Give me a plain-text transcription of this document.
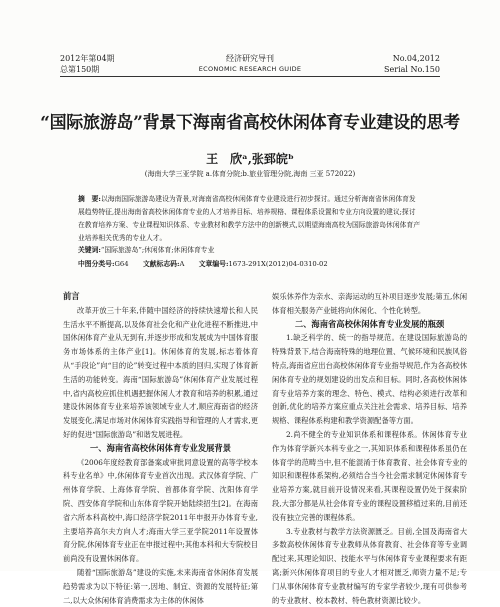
2012年第04期
总第150期
经济研究导刊
ECONOMIC RESEARCH GUIDE
No.04,2012
Serial No.150
“国际旅游岛”背景下海南省高校休闲体育专业建设的思考
王　欣ᵃ,张郅皖ᵇ
(海南大学三亚学院 a.体育分院;b.旅业管理分院,海南 三亚 572022)
摘　要:以海南国际旅游岛建设为背景,对海南省高校休闲体育专业建设进行初步探讨。通过分析海南省休闲体育发展趋势特征,提出海南省高校休闲体育专业的人才培养目标、培养规格、课程体系设置和专业方向设置的建议;探讨在教育培养方案、专业课程知识体系、专业教材和教学方法中的创新模式,以期望海南高校为国际旅游岛休闲体育产业培养相关优秀的专业人才。
关键词:“国际旅游岛”;休闲体育;休闲体育专业
中图分类号:G64 文献标志码:A 文章编号:1673-291X(2012)04-0310-02

前言

改革开放三十年来,伴随中国经济的持续快速增长和人民生活水平不断提高,以及体育社会化和产业化进程不断推进,中国休闲体育产业从无到有,并逐步形成和发展成为中国体育服务市场体系的主体产业[1]。休闲体育的发展,标志着体育从“手段论”向“目的论”转变过程中本质的回归,实现了体育新生活的功能转变。海南“国际旅游岛”休闲体育产业发展过程中,省内高校应抓住机遇把握休闲人才教育和培养的积累,通过建设休闲体育专业来培养该领域专业人才,顺应海南省的经济发展变化,满足市场对休闲体育实践指导和管理的人才需求,更好的促进“国际旅游岛”和谐发展进程。

一、海南省高校休闲体育专业发展背景

《2006年度经教育部备案或审批同意设置的高等学校本科专业名单》中,休闲体育专业首次出现。武汉体育学院、广州体育学院、上海体育学院、首都体育学院、沈阳体育学院、西安体育学院和山东体育学院开始陆续招生[2]。在海南省六所本科高校中,海口经济学院2011年申报开办体育专业,主要培养高尔夫方向人才;海南大学三亚学院2011年设置体育分院,休闲体育专业正在申报过程中;其他本科和大专院校目前尚没有设置休闲体育。

随着“国际旅游岛”建设的实施,未来海南省休闲体育发展趋势需求为以下特征:第一,因地、制宜、资源的发展特征;第二,以大众休闲体育消费需求为主体的休闲体

娱乐休养作为亲水、亲海运动的互补项目逐步发展;第五,休闲体育相关服务产业链将向休闲化、个性化转型。

二、海南省高校休闲体育专业发展的瓶颈

1.缺乏科学的、统一的指导规范。在建设国际旅游岛的特殊背景下,结合海南特殊的地理位置、气候环境和民族风俗特点,海南省应出台高校休闲体育专业指导规范,作为各高校休闲体育专业的规划建设的出发点和目标。同时,各高校休闲体育专业培养方案的理念、特色、模式、结构必须进行改革和创新,优化的培养方案应重点关注社会需求、培养目标、培养规格、课程体系构建和教学资源配备等方面。

2.尚不健全的专业知识体系和课程体系。休闲体育专业作为体育学新兴本科专业之一,其知识体系和课程体系虽仍在体育学的范畴当中,但不能混淆于体育教育、社会体育专业的知识和课程体系架构,必须结合当今社会需求制定休闲体育专业培养方案,就目前开设情况来看,其课程设置仍处于探索阶段,大部分都是从社会体育专业的课程设置移植过来的,目前还没有独立完善的课程体系。

3.专业教材与教学方法资源匮乏。目前,全国及海南省大多数高校休闲体育专业教师从体育教育、社会体育等专业调配过来,其理论知识、技能水平与休闲体育专业课程要求有距离;新兴休闲体育项目的专业人才相对匮乏,师资力量不足;专门从事休闲体育专业教材编写的专家学者较少,现有可供参考的专业教材、校本教材、特色教材资源比较少。
